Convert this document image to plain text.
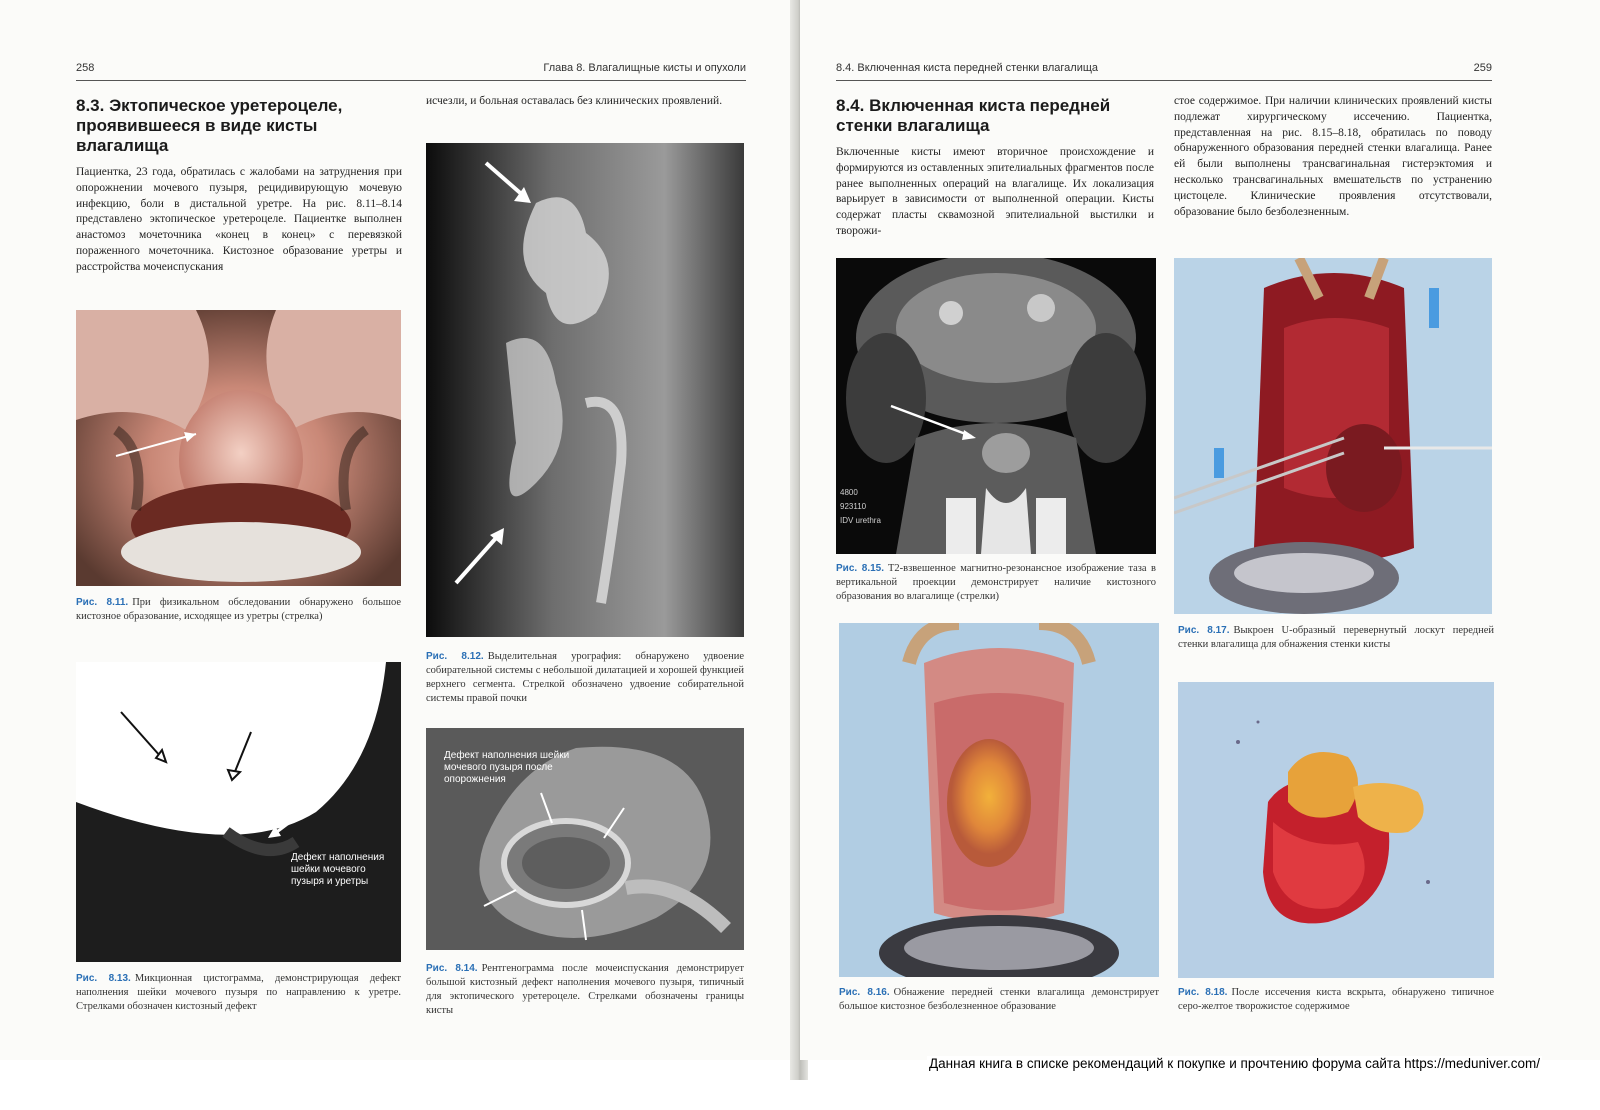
258	Глава 8. Влагалищные кисты и опухоли
8.3. Эктопическое уретероцеле, проявившееся в виде кисты влагалища

Пациентка, 23 года, обратилась с жалобами на затруднения при опорожнении мочевого пузыря, рецидивирующую мочевую инфекцию, боли в дистальной уретре. На рис. 8.11–8.14 представлено эктопическое уретероцеле. Пациентке выполнен анастомоз мочеточника «конец в конец» с перевязкой пораженного мочеточника. Кистозное образование уретры и расстройства мочеиспускания

исчезли, и больная оставалась без клинических проявлений.

Рис. 8.11. При физикальном обследовании обнаружено большое кистозное образование, исходящее из уретры (стрелка)

Рис. 8.12. Выделительная урография: обнаружено удвоение собирательной системы с небольшой дилатацией и хорошей функцией верхнего сегмента. Стрелкой обозначено удвоение собирательной системы правой почки

Дефект наполнения шейки мочевого пузыря и уретры

Рис. 8.13. Микционная цистограмма, демонстрирующая дефект наполнения шейки мочевого пузыря по направлению к уретре. Стрелками обозначен кистозный дефект

Дефект наполнения шейки мочевого пузыря после опорожнения

Рис. 8.14. Рентгенограмма после мочеиспускания демонстрирует большой кистозный дефект наполнения мочевого пузыря, типичный для эктопического уретероцеле. Стрелками обозначены границы кисты

8.4. Включенная киста передней стенки влагалища	259
8.4. Включенная киста передней стенки влагалища

Включенные кисты имеют вторичное происхождение и формируются из оставленных эпителиальных фрагментов после ранее выполненных операций на влагалище. Их локализация варьирует в зависимости от выполненной операции. Кисты содержат пласты сквамозной эпителиальной выстилки и творожи-

стое содержимое. При наличии клинических проявлений кисты подлежат хирургическому иссечению. Пациентка, представленная на рис. 8.15–8.18, обратилась по поводу обнаруженного образования передней стенки влагалища. Ранее ей были выполнены трансвагинальная гистерэктомия и несколько трансвагинальных вмешательств по устранению цистоцеле. Клинические проявления отсутствовали, образование было безболезненным.

4800
923110
IDV urethra

Рис. 8.15. Т2-взвешенное магнитно-резонансное изображение таза в вертикальной проекции демонстрирует наличие кистозного образования во влагалище (стрелки)

Рис. 8.16. Обнажение передней стенки влагалища демонстрирует большое кистозное безболезненное образование

Рис. 8.17. Выкроен U-образный перевернутый лоскут передней стенки влагалища для обнажения стенки кисты

Рис. 8.18. После иссечения киста вскрыта, обнаружено типичное серо-желтое творожистое содержимое

Данная книга в списке рекомендаций к покупке и прочтению форума сайта https://meduniver.com/
